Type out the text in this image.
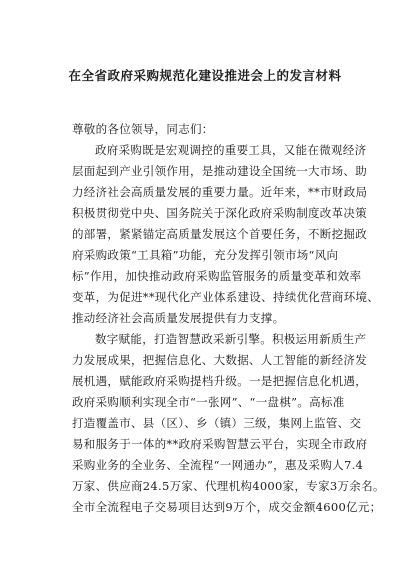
在全省政府采购规范化建设推进会上的发言材料

尊敬的各位领导，同志们：

政府采购既是宏观调控的重要工具，又能在微观经济
层面起到产业引领作用，是推动建设全国统一大市场、助
力经济社会高质量发展的重要力量。近年来，**市财政局
积极贯彻党中央、国务院关于深化政府采购制度改革决策
的部署，紧紧锚定高质量发展这个首要任务，不断挖掘政
府采购政策“工具箱”功能，充分发挥引领市场“风向
标”作用，加快推动政府采购监管服务的质量变革和效率
变革，为促进**现代化产业体系建设、持续优化营商环境、
推动经济社会高质量发展提供有力支撑。
数字赋能，打造智慧政采新引擎。积极运用新质生产
力发展成果，把握信息化、大数据、人工智能的新经济发
展机遇，赋能政府采购提档升级。一是把握信息化机遇，
政府采购顺利实现全市“一张网”、“一盘棋”。高标准
打造覆盖市、县（区）、乡（镇）三级，集网上监管、交
易和服务于一体的**政府采购智慧云平台，实现全市政府
采购业务的全业务、全流程“一网通办”，惠及采购人7.4
万家、供应商24.5万家、代理机构4000家，专家3万余名。
全市全流程电子交易项目达到9万个，成交金额4600亿元；
